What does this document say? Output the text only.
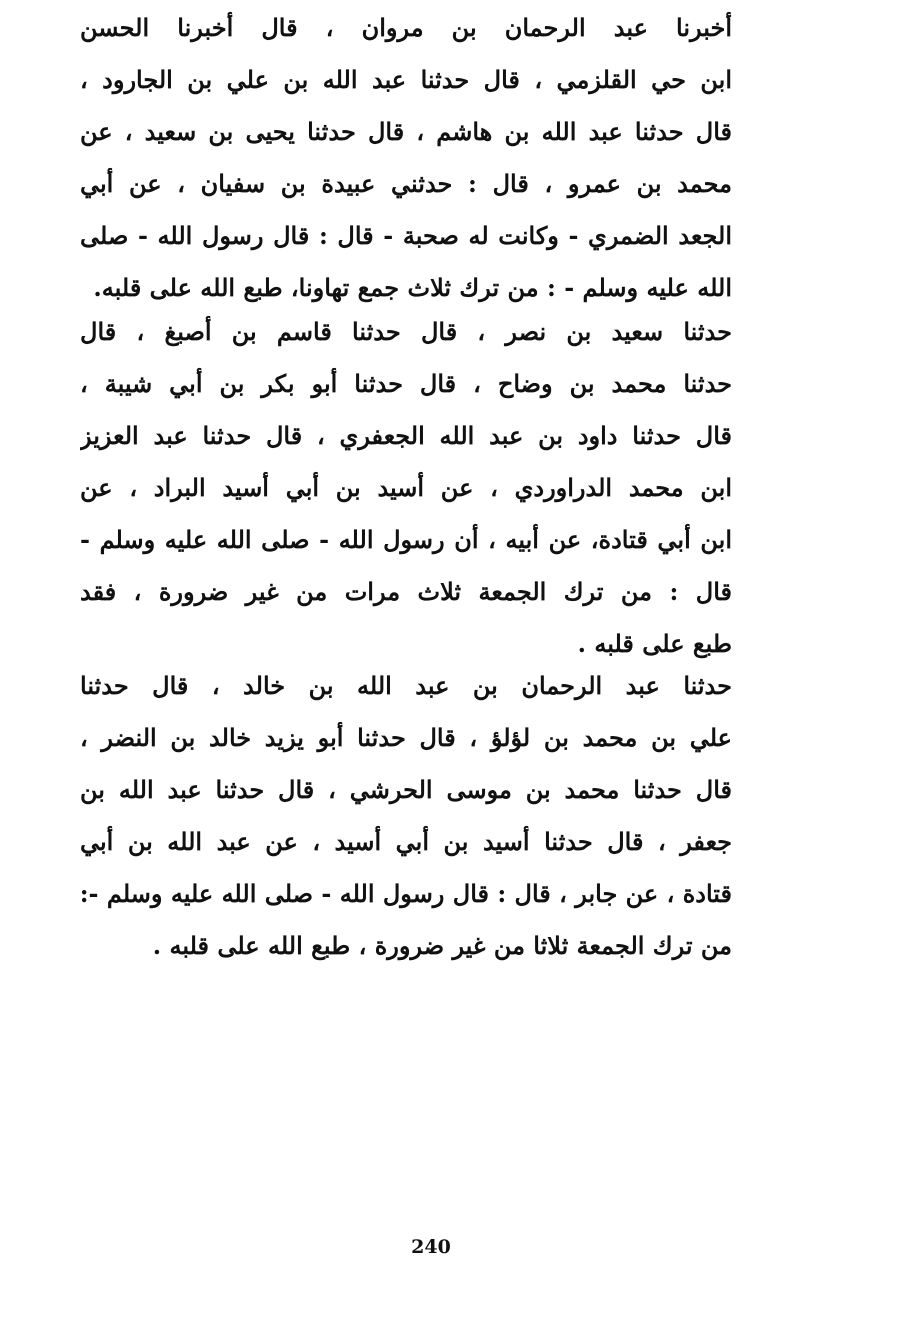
أخبرنا عبد الرحمان بن مروان ، قال أخبرنا الحسن
ابن حي القلزمي ، قال حدثنا عبد الله بن علي بن الجارود ،
قال حدثنا عبد الله بن هاشم ، قال حدثنا يحيى بن سعيد ، عن
محمد بن عمرو ، قال : حدثني عبيدة بن سفيان ، عن أبي
الجعد الضمري - وكانت له صحبة - قال : قال رسول الله - صلى
الله عليه وسلم - : من ترك ثلاث جمع تهاونا، طبع الله على قلبه.
حدثنا سعيد بن نصر ، قال حدثنا قاسم بن أصبغ ، قال
حدثنا محمد بن وضاح ، قال حدثنا أبو بكر بن أبي شيبة ،
قال حدثنا داود بن عبد الله الجعفري ، قال حدثنا عبد العزيز
ابن محمد الدراوردي ، عن أسيد بن أبي أسيد البراد ، عن
ابن أبي قتادة، عن أبيه ، أن رسول الله - صلى الله عليه وسلم -
قال : من ترك الجمعة ثلاث مرات من غير ضرورة ، فقد
طبع على قلبه .
حدثنا عبد الرحمان بن عبد الله بن خالد ، قال حدثنا
علي بن محمد بن لؤلؤ ، قال حدثنا أبو يزيد خالد بن النضر ،
قال حدثنا محمد بن موسى الحرشي ، قال حدثنا عبد الله بن
جعفر ، قال حدثنا أسيد بن أبي أسيد ، عن عبد الله بن أبي
قتادة ، عن جابر ، قال : قال رسول الله - صلى الله عليه وسلم -:
من ترك الجمعة ثلاثا من غير ضرورة ، طبع الله على قلبه .
240
